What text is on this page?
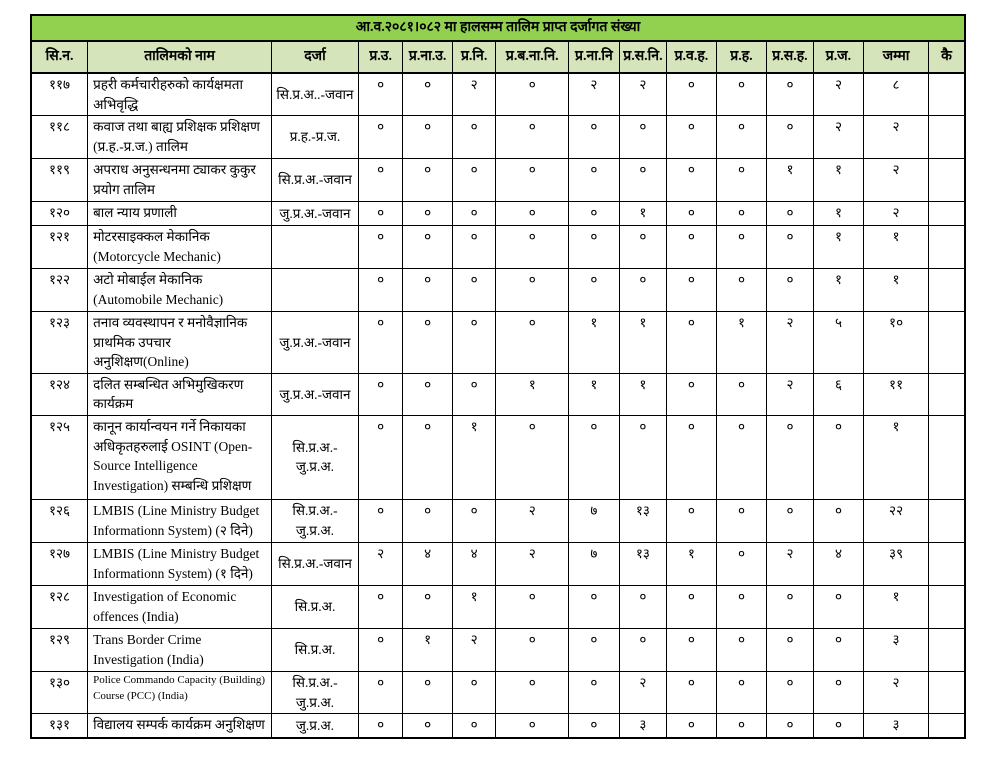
आ.व.२०८१।०८२ मा हालसम्म तालिम प्राप्त दर्जागत संख्या														
सि.न.	तालिमको नाम	दर्जा	प्र.उ.	प्र.ना.उ.	प्र.नि.	प्र.ब.ना.नि.	प्र.ना.नि	प्र.स.नि.	प्र.व.ह.	प्र.ह.	प्र.स.ह.	प्र.ज.	जम्मा	कै
११७	प्रहरी कर्मचारीहरुको कार्यक्षमता अभिवृद्धि	सि.प्र.अ..-जवान	०	०	२	०	२	२	०	०	०	२	८	
११८	कवाज तथा बाह्य प्रशिक्षक प्रशिक्षण (प्र.ह.-प्र.ज.) तालिम	प्र.ह.-प्र.ज.	०	०	०	०	०	०	०	०	०	२	२	
११९	अपराध अनुसन्धनमा ट्याकर कुकुर प्रयोग तालिम	सि.प्र.अ.-जवान	०	०	०	०	०	०	०	०	१	१	२	
१२०	बाल न्याय प्रणाली	जु.प्र.अ.-जवान	०	०	०	०	०	१	०	०	०	१	२	
१२१	मोटरसाइक्कल मेकानिक (Motorcycle Mechanic)		०	०	०	०	०	०	०	०	०	१	१	
१२२	अटो मोबाईल मेकानिक (Automobile Mechanic)		०	०	०	०	०	०	०	०	०	१	१	
१२३	तनाव व्यवस्थापन र मनोवैज्ञानिक प्राथमिक उपचार अनुशिक्षण(Online)	जु.प्र.अ.-जवान	०	०	०	०	१	१	०	१	२	५	१०	
१२४	दलित सम्बन्धित अभिमुखिकरण कार्यक्रम	जु.प्र.अ.-जवान	०	०	०	१	१	१	०	०	२	६	११	
१२५	कानून कार्यान्वयन गर्ने निकायका अधिकृतहरुलाई OSINT (Open-Source Intelligence Investigation) सम्बन्धि प्रशिक्षण	सि.प्र.अ.-जु.प्र.अ.	०	०	१	०	०	०	०	०	०	०	१	
१२६	LMBIS (Line Ministry Budget Informationn System) (२ दिने)	सि.प्र.अ.-जु.प्र.अ.	०	०	०	२	७	१३	०	०	०	०	२२	
१२७	LMBIS (Line Ministry Budget Informationn System) (१ दिने)	सि.प्र.अ.-जवान	२	४	४	२	७	१३	१	०	२	४	३९	
१२८	Investigation of Economic offences (India)	सि.प्र.अ.	०	०	१	०	०	०	०	०	०	०	१	
१२९	Trans Border Crime Investigation (India)	सि.प्र.अ.	०	१	२	०	०	०	०	०	०	०	३	
१३०	Police Commando Capacity (Building) Course (PCC) (India)	सि.प्र.अ.-जु.प्र.अ.	०	०	०	०	०	२	०	०	०	०	२	
१३१	विद्यालय सम्पर्क कार्यक्रम अनुशिक्षण	जु.प्र.अ.	०	०	०	०	०	३	०	०	०	०	३	
